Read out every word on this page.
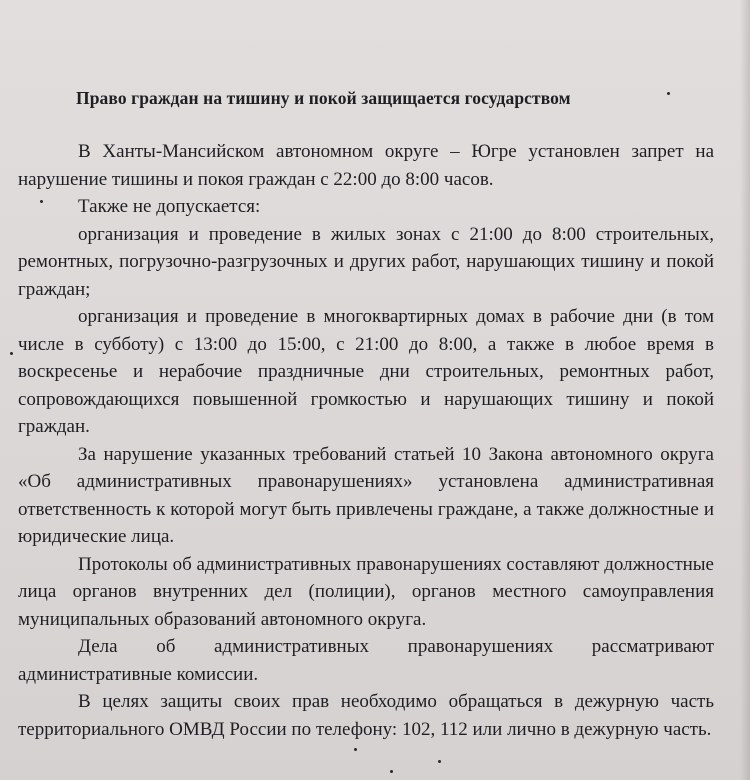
Право граждан на тишину и покой защищается государством

В Ханты-Мансийском автономном округе – Югре установлен запрет на нарушение тишины и покоя граждан с 22:00 до 8:00 часов.

Также не допускается:

организация и проведение в жилых зонах с 21:00 до 8:00 строительных, ремонтных, погрузочно-разгрузочных и других работ, нарушающих тишину и покой граждан;

организация и проведение в многоквартирных домах в рабочие дни (в том числе в субботу) с 13:00 до 15:00, с 21:00 до 8:00, а также в любое время в воскресенье и нерабочие праздничные дни строительных, ремонтных работ, сопровождающихся повышенной громкостью и нарушающих тишину и покой граждан.

За нарушение указанных требований статьей 10 Закона автономного округа «Об административных правонарушениях» установлена административная ответственность к которой могут быть привлечены граждане, а также должностные и юридические лица.

Протоколы об административных правонарушениях составляют должностные лица органов внутренних дел (полиции), органов местного самоуправления муниципальных образований автономного округа.

Дела об административных правонарушениях рассматривают административные комиссии.

В целях защиты своих прав необходимо обращаться в дежурную часть территориального ОМВД России по телефону: 102, 112 или лично в дежурную часть.
